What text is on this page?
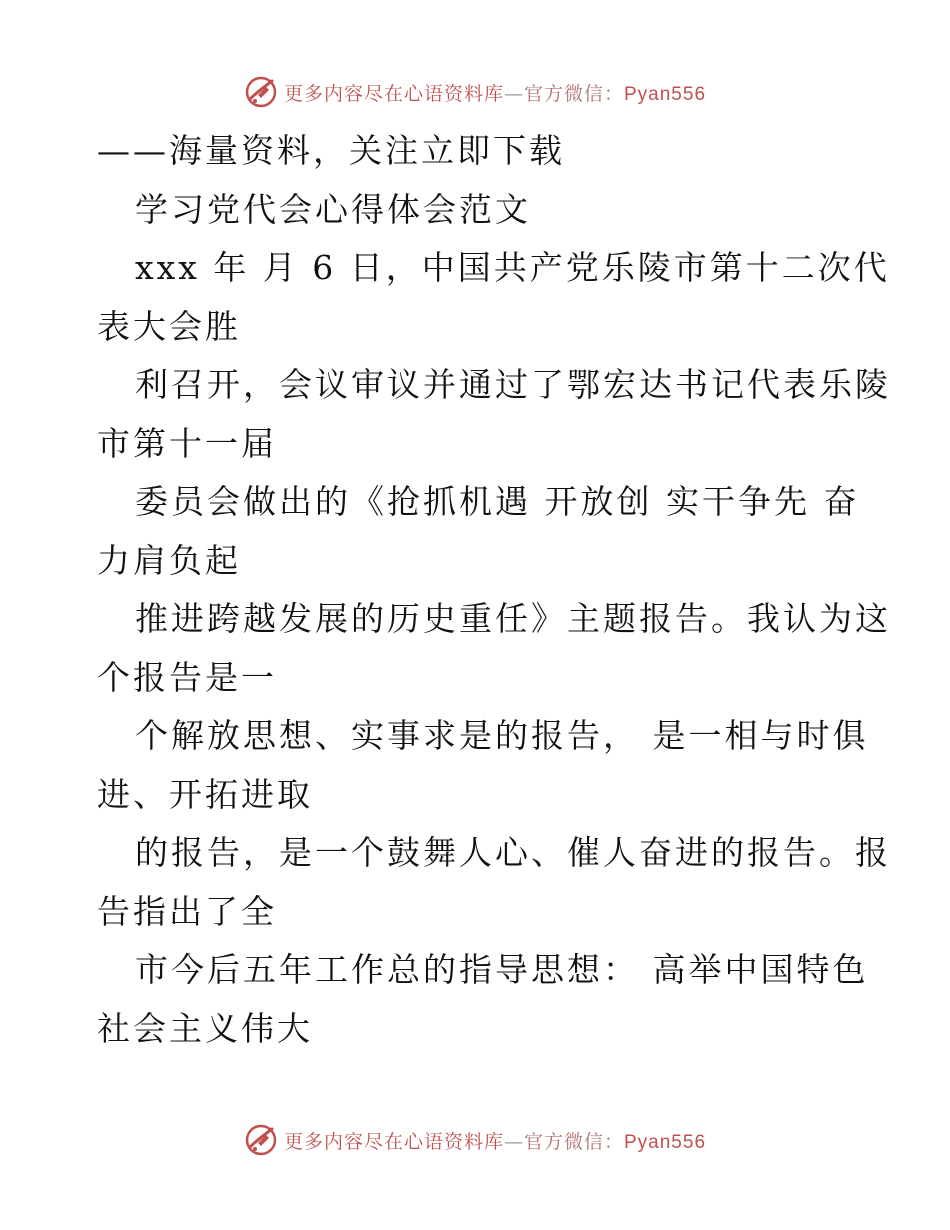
更多内容尽在心语资料库—官方微信：Pyan556
——海量资料，关注立即下载
学习党代会心得体会范文
xxx 年 月 6 日，中国共产党乐陵市第十二次代
表大会胜
利召开，会议审议并通过了鄂宏达书记代表乐陵
市第十一届
委员会做出的《抢抓机遇 开放创 实干争先 奋
力肩负起
推进跨越发展的历史重任》主题报告。我认为这
个报告是一
个解放思想、实事求是的报告， 是一相与时俱
进、开拓进取
的报告，是一个鼓舞人心、催人奋进的报告。报
告指出了全
市今后五年工作总的指导思想： 高举中国特色
社会主义伟大
更多内容尽在心语资料库—官方微信：Pyan556
